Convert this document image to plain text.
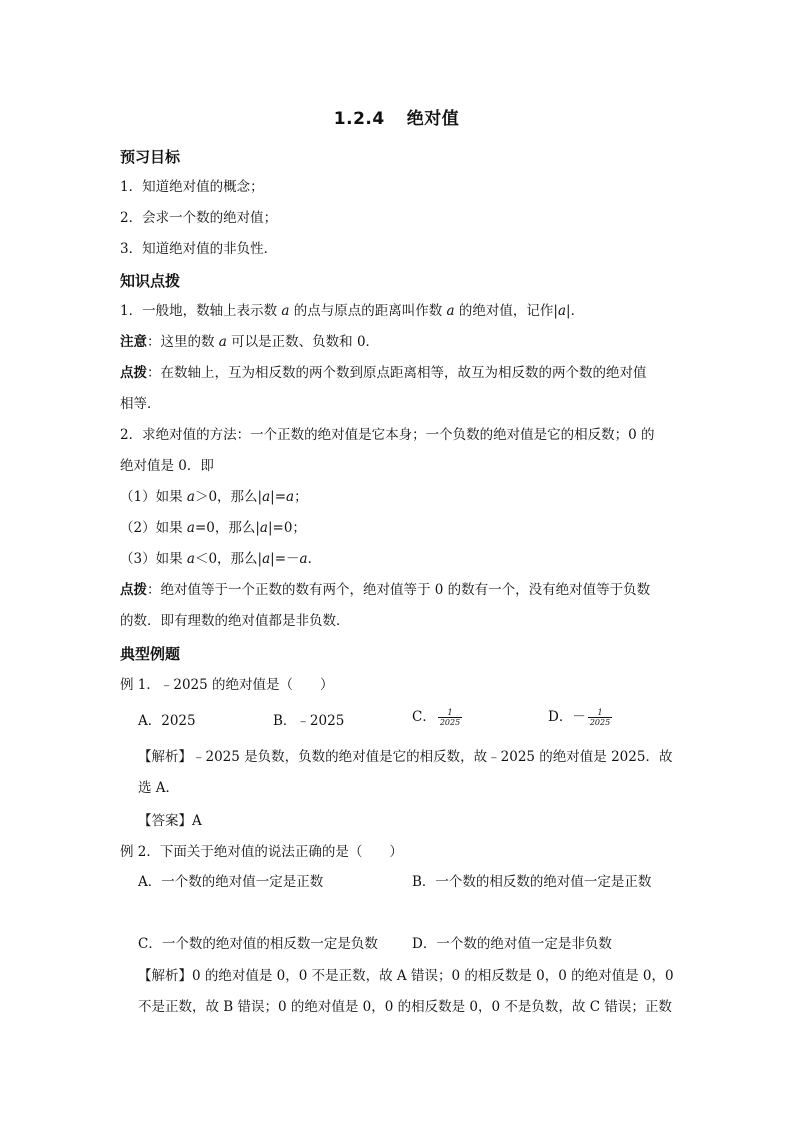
1.2.4 绝对值
预习目标
1．知道绝对值的概念；
2．会求一个数的绝对值；
3．知道绝对值的非负性．
知识点拨
1．一般地，数轴上表示数 a 的点与原点的距离叫作数 a 的绝对值，记作|a|．
注意：这里的数 a 可以是正数、负数和 0．
点拨：在数轴上，互为相反数的两个数到原点距离相等，故互为相反数的两个数的绝对值
相等．
2．求绝对值的方法：一个正数的绝对值是它本身；一个负数的绝对值是它的相反数；0 的
绝对值是 0．即
（1）如果 a＞0，那么|a|=a；
（2）如果 a=0，那么|a|=0；
（3）如果 a＜0，那么|a|=－a．
点拨：绝对值等于一个正数的数有两个，绝对值等于 0 的数有一个，没有绝对值等于负数
的数．即有理数的绝对值都是非负数．
典型例题
例 1．﹣2025 的绝对值是（　　）
A．2025	B．﹣2025	C． $\frac{1}{2025}$	D．－ $\frac{1}{2025}$
【解析】﹣2025 是负数，负数的绝对值是它的相反数，故﹣2025 的绝对值是 2025．故
选 A．
【答案】A
例 2．下面关于绝对值的说法正确的是（　　）
A．一个数的绝对值一定是正数	B．一个数的相反数的绝对值一定是正数
C．一个数的绝对值的相反数一定是负数	D．一个数的绝对值一定是非负数
【解析】0 的绝对值是 0，0 不是正数，故 A 错误；0 的相反数是 0，0 的绝对值是 0，0
不是正数，故 B 错误；0 的绝对值是 0，0 的相反数是 0，0 不是负数，故 C 错误；正数
